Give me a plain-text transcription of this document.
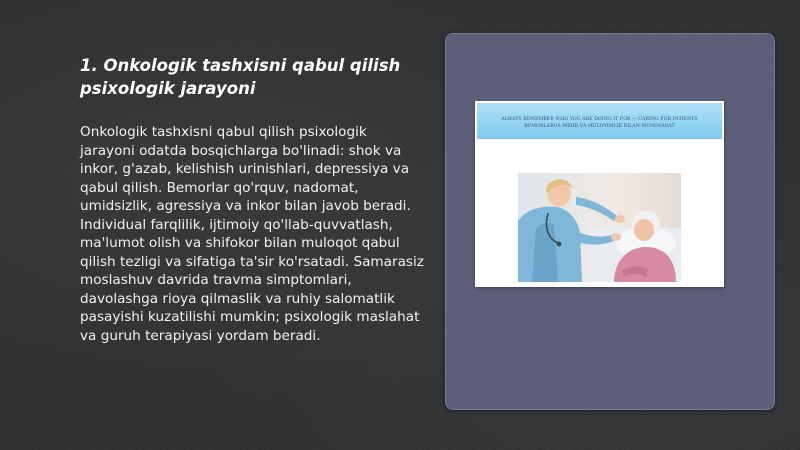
1. Onkologik tashxisni qabul qilish
psixologik jarayoni

Onkologik tashxisni qabul qilish psixologik jarayoni odatda bosqichlarga bo'linadi: shok va inkor, g'azab, kelishish urinishlari, depressiya va qabul qilish. Bemorlar qo'rquv, nadomat, umidsizlik, agressiya va inkor bilan javob beradi. Individual farqlilik, ijtimoiy qo'llab-quvvatlash, ma'lumot olish va shifokor bilan muloqot qabul qilish tezligi va sifatiga ta'sir ko'rsatadi. Samarasiz moslashuv davrida travma simptomlari, davolashga rioya qilmaslik va ruhiy salomatlik pasayishi kuzatilishi mumkin; psixologik maslahat va guruh terapiyasi yordam beradi.

ALWAYS REMEMBER WHO YOU ARE DOING IT FOR — CARING FOR PATIENTS
BEMORLARGA MEHR VA MULOYIMLIK BILAN MUNOSABAT
